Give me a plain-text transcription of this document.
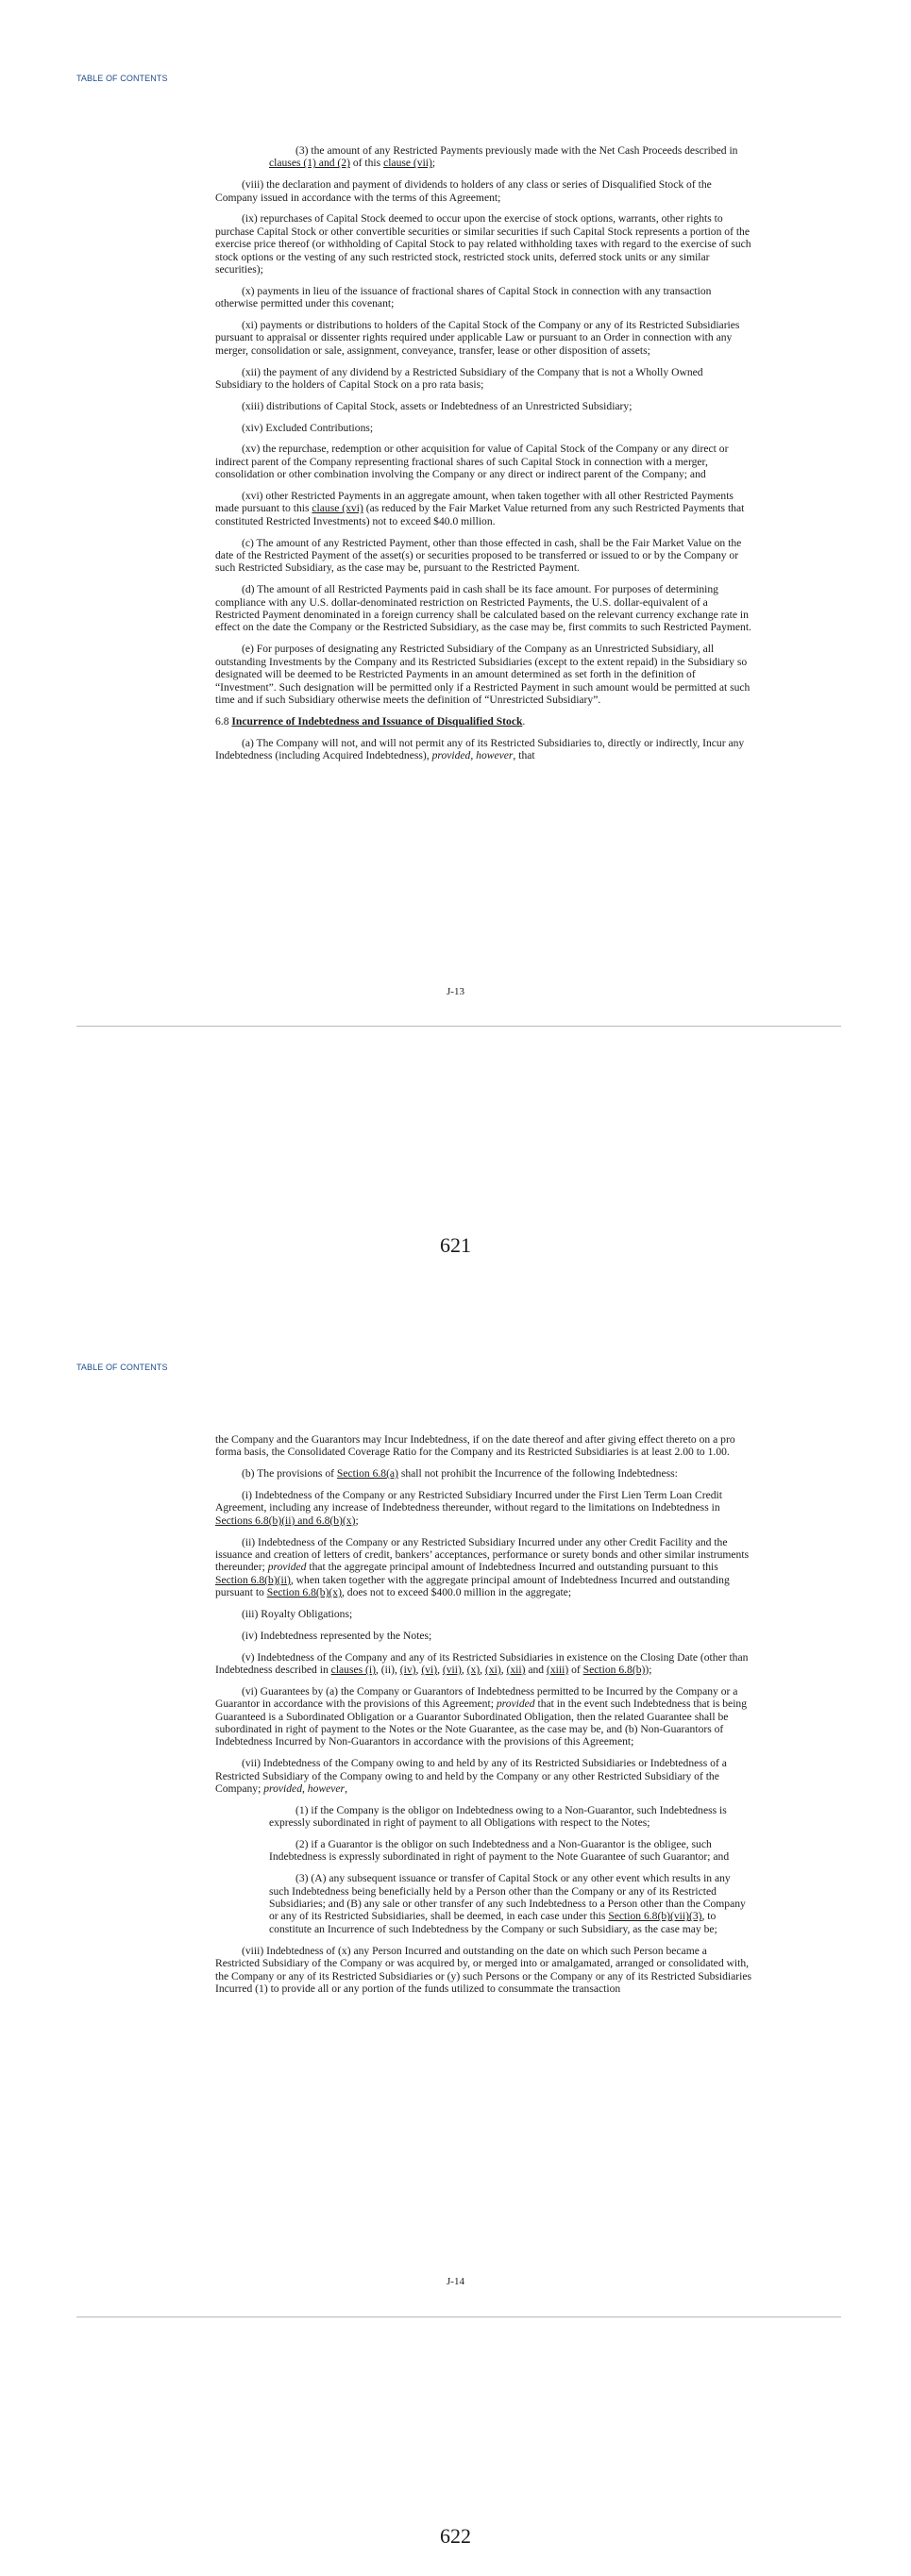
TABLE OF CONTENTS

(3) the amount of any Restricted Payments previously made with the Net Cash Proceeds described in clauses (1) and (2) of this clause (vii);

(viii) the declaration and payment of dividends to holders of any class or series of Disqualified Stock of the Company issued in accordance with the terms of this Agreement;

(ix) repurchases of Capital Stock deemed to occur upon the exercise of stock options, warrants, other rights to purchase Capital Stock or other convertible securities or similar securities if such Capital Stock represents a portion of the exercise price thereof (or withholding of Capital Stock to pay related withholding taxes with regard to the exercise of such stock options or the vesting of any such restricted stock, restricted stock units, deferred stock units or any similar securities);

(x) payments in lieu of the issuance of fractional shares of Capital Stock in connection with any transaction otherwise permitted under this covenant;

(xi) payments or distributions to holders of the Capital Stock of the Company or any of its Restricted Subsidiaries pursuant to appraisal or dissenter rights required under applicable Law or pursuant to an Order in connection with any merger, consolidation or sale, assignment, conveyance, transfer, lease or other disposition of assets;

(xii) the payment of any dividend by a Restricted Subsidiary of the Company that is not a Wholly Owned Subsidiary to the holders of Capital Stock on a pro rata basis;

(xiii) distributions of Capital Stock, assets or Indebtedness of an Unrestricted Subsidiary;

(xiv) Excluded Contributions;

(xv) the repurchase, redemption or other acquisition for value of Capital Stock of the Company or any direct or indirect parent of the Company representing fractional shares of such Capital Stock in connection with a merger, consolidation or other combination involving the Company or any direct or indirect parent of the Company; and

(xvi) other Restricted Payments in an aggregate amount, when taken together with all other Restricted Payments made pursuant to this clause (xvi) (as reduced by the Fair Market Value returned from any such Restricted Payments that constituted Restricted Investments) not to exceed $40.0 million.

(c) The amount of any Restricted Payment, other than those effected in cash, shall be the Fair Market Value on the date of the Restricted Payment of the asset(s) or securities proposed to be transferred or issued to or by the Company or such Restricted Subsidiary, as the case may be, pursuant to the Restricted Payment.

(d) The amount of all Restricted Payments paid in cash shall be its face amount. For purposes of determining compliance with any U.S. dollar-denominated restriction on Restricted Payments, the U.S. dollar-equivalent of a Restricted Payment denominated in a foreign currency shall be calculated based on the relevant currency exchange rate in effect on the date the Company or the Restricted Subsidiary, as the case may be, first commits to such Restricted Payment.

(e) For purposes of designating any Restricted Subsidiary of the Company as an Unrestricted Subsidiary, all outstanding Investments by the Company and its Restricted Subsidiaries (except to the extent repaid) in the Subsidiary so designated will be deemed to be Restricted Payments in an amount determined as set forth in the definition of “Investment”. Such designation will be permitted only if a Restricted Payment in such amount would be permitted at such time and if such Subsidiary otherwise meets the definition of “Unrestricted Subsidiary”.

6.8 Incurrence of Indebtedness and Issuance of Disqualified Stock.

(a) The Company will not, and will not permit any of its Restricted Subsidiaries to, directly or indirectly, Incur any Indebtedness (including Acquired Indebtedness), provided, however, that

J-13
621
TABLE OF CONTENTS

the Company and the Guarantors may Incur Indebtedness, if on the date thereof and after giving effect thereto on a pro forma basis, the Consolidated Coverage Ratio for the Company and its Restricted Subsidiaries is at least 2.00 to 1.00.

(b) The provisions of Section 6.8(a) shall not prohibit the Incurrence of the following Indebtedness:

(i) Indebtedness of the Company or any Restricted Subsidiary Incurred under the First Lien Term Loan Credit Agreement, including any increase of Indebtedness thereunder, without regard to the limitations on Indebtedness in Sections 6.8(b)(ii) and 6.8(b)(x);

(ii) Indebtedness of the Company or any Restricted Subsidiary Incurred under any other Credit Facility and the issuance and creation of letters of credit, bankers’ acceptances, performance or surety bonds and other similar instruments thereunder; provided that the aggregate principal amount of Indebtedness Incurred and outstanding pursuant to this Section 6.8(b)(ii), when taken together with the aggregate principal amount of Indebtedness Incurred and outstanding pursuant to Section 6.8(b)(x), does not to exceed $400.0 million in the aggregate;

(iii) Royalty Obligations;

(iv) Indebtedness represented by the Notes;

(v) Indebtedness of the Company and any of its Restricted Subsidiaries in existence on the Closing Date (other than Indebtedness described in clauses (i), (ii), (iv), (vi), (vii), (x), (xi), (xii) and (xiii) of Section 6.8(b));

(vi) Guarantees by (a) the Company or Guarantors of Indebtedness permitted to be Incurred by the Company or a Guarantor in accordance with the provisions of this Agreement; provided that in the event such Indebtedness that is being Guaranteed is a Subordinated Obligation or a Guarantor Subordinated Obligation, then the related Guarantee shall be subordinated in right of payment to the Notes or the Note Guarantee, as the case may be, and (b) Non-Guarantors of Indebtedness Incurred by Non-Guarantors in accordance with the provisions of this Agreement;

(vii) Indebtedness of the Company owing to and held by any of its Restricted Subsidiaries or Indebtedness of a Restricted Subsidiary of the Company owing to and held by the Company or any other Restricted Subsidiary of the Company; provided, however,

(1) if the Company is the obligor on Indebtedness owing to a Non-Guarantor, such Indebtedness is expressly subordinated in right of payment to all Obligations with respect to the Notes;

(2) if a Guarantor is the obligor on such Indebtedness and a Non-Guarantor is the obligee, such Indebtedness is expressly subordinated in right of payment to the Note Guarantee of such Guarantor; and

(3) (A) any subsequent issuance or transfer of Capital Stock or any other event which results in any such Indebtedness being beneficially held by a Person other than the Company or any of its Restricted Subsidiaries; and (B) any sale or other transfer of any such Indebtedness to a Person other than the Company or any of its Restricted Subsidiaries, shall be deemed, in each case under this Section 6.8(b)(vii)(3), to constitute an Incurrence of such Indebtedness by the Company or such Subsidiary, as the case may be;

(viii) Indebtedness of (x) any Person Incurred and outstanding on the date on which such Person became a Restricted Subsidiary of the Company or was acquired by, or merged into or amalgamated, arranged or consolidated with, the Company or any of its Restricted Subsidiaries or (y) such Persons or the Company or any of its Restricted Subsidiaries Incurred (1) to provide all or any portion of the funds utilized to consummate the transaction

J-14
622
